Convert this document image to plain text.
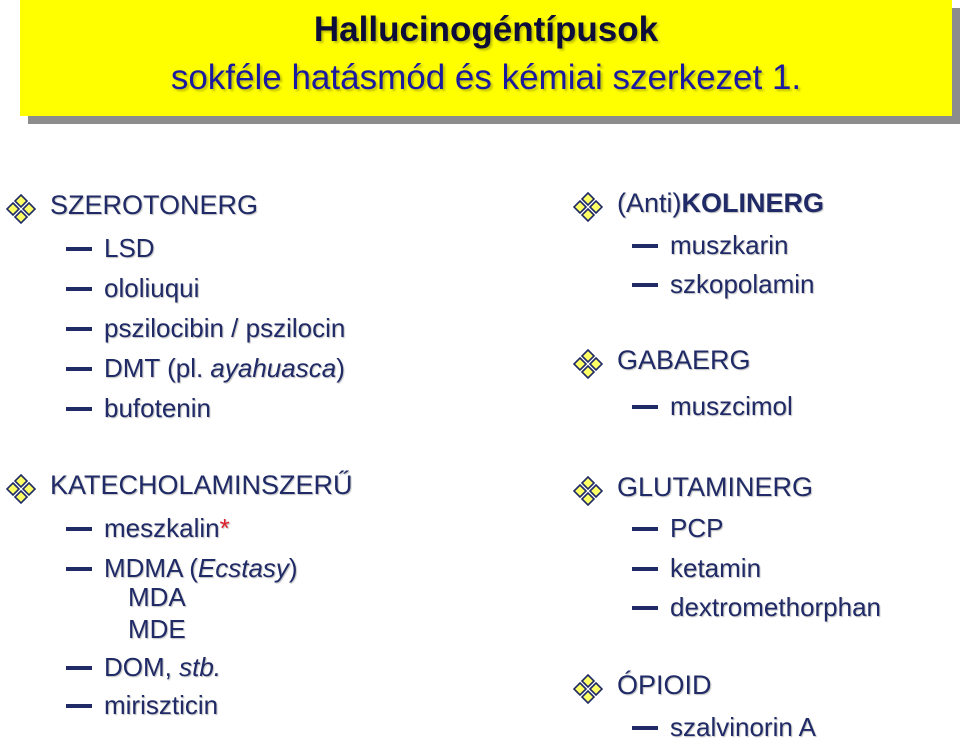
Hallucinogéntípusok
sokféle hatásmód és kémiai szerkezet 1.
SZEROTONERG
LSD
ololiuqui
pszilocibin / pszilocin
DMT (pl. ayahuasca)
bufotenin
KATECHOLAMINSZERŰ
meszkalin*
MDMA (Ecstasy)
MDA
MDE
DOM, stb.
miriszticin
(Anti)KOLINERG
muszkarin
szkopolamin
GABAERG
muszcimol
GLUTAMINERG
PCP
ketamin
dextromethorphan
ÓPIOID
szalvinorin A
